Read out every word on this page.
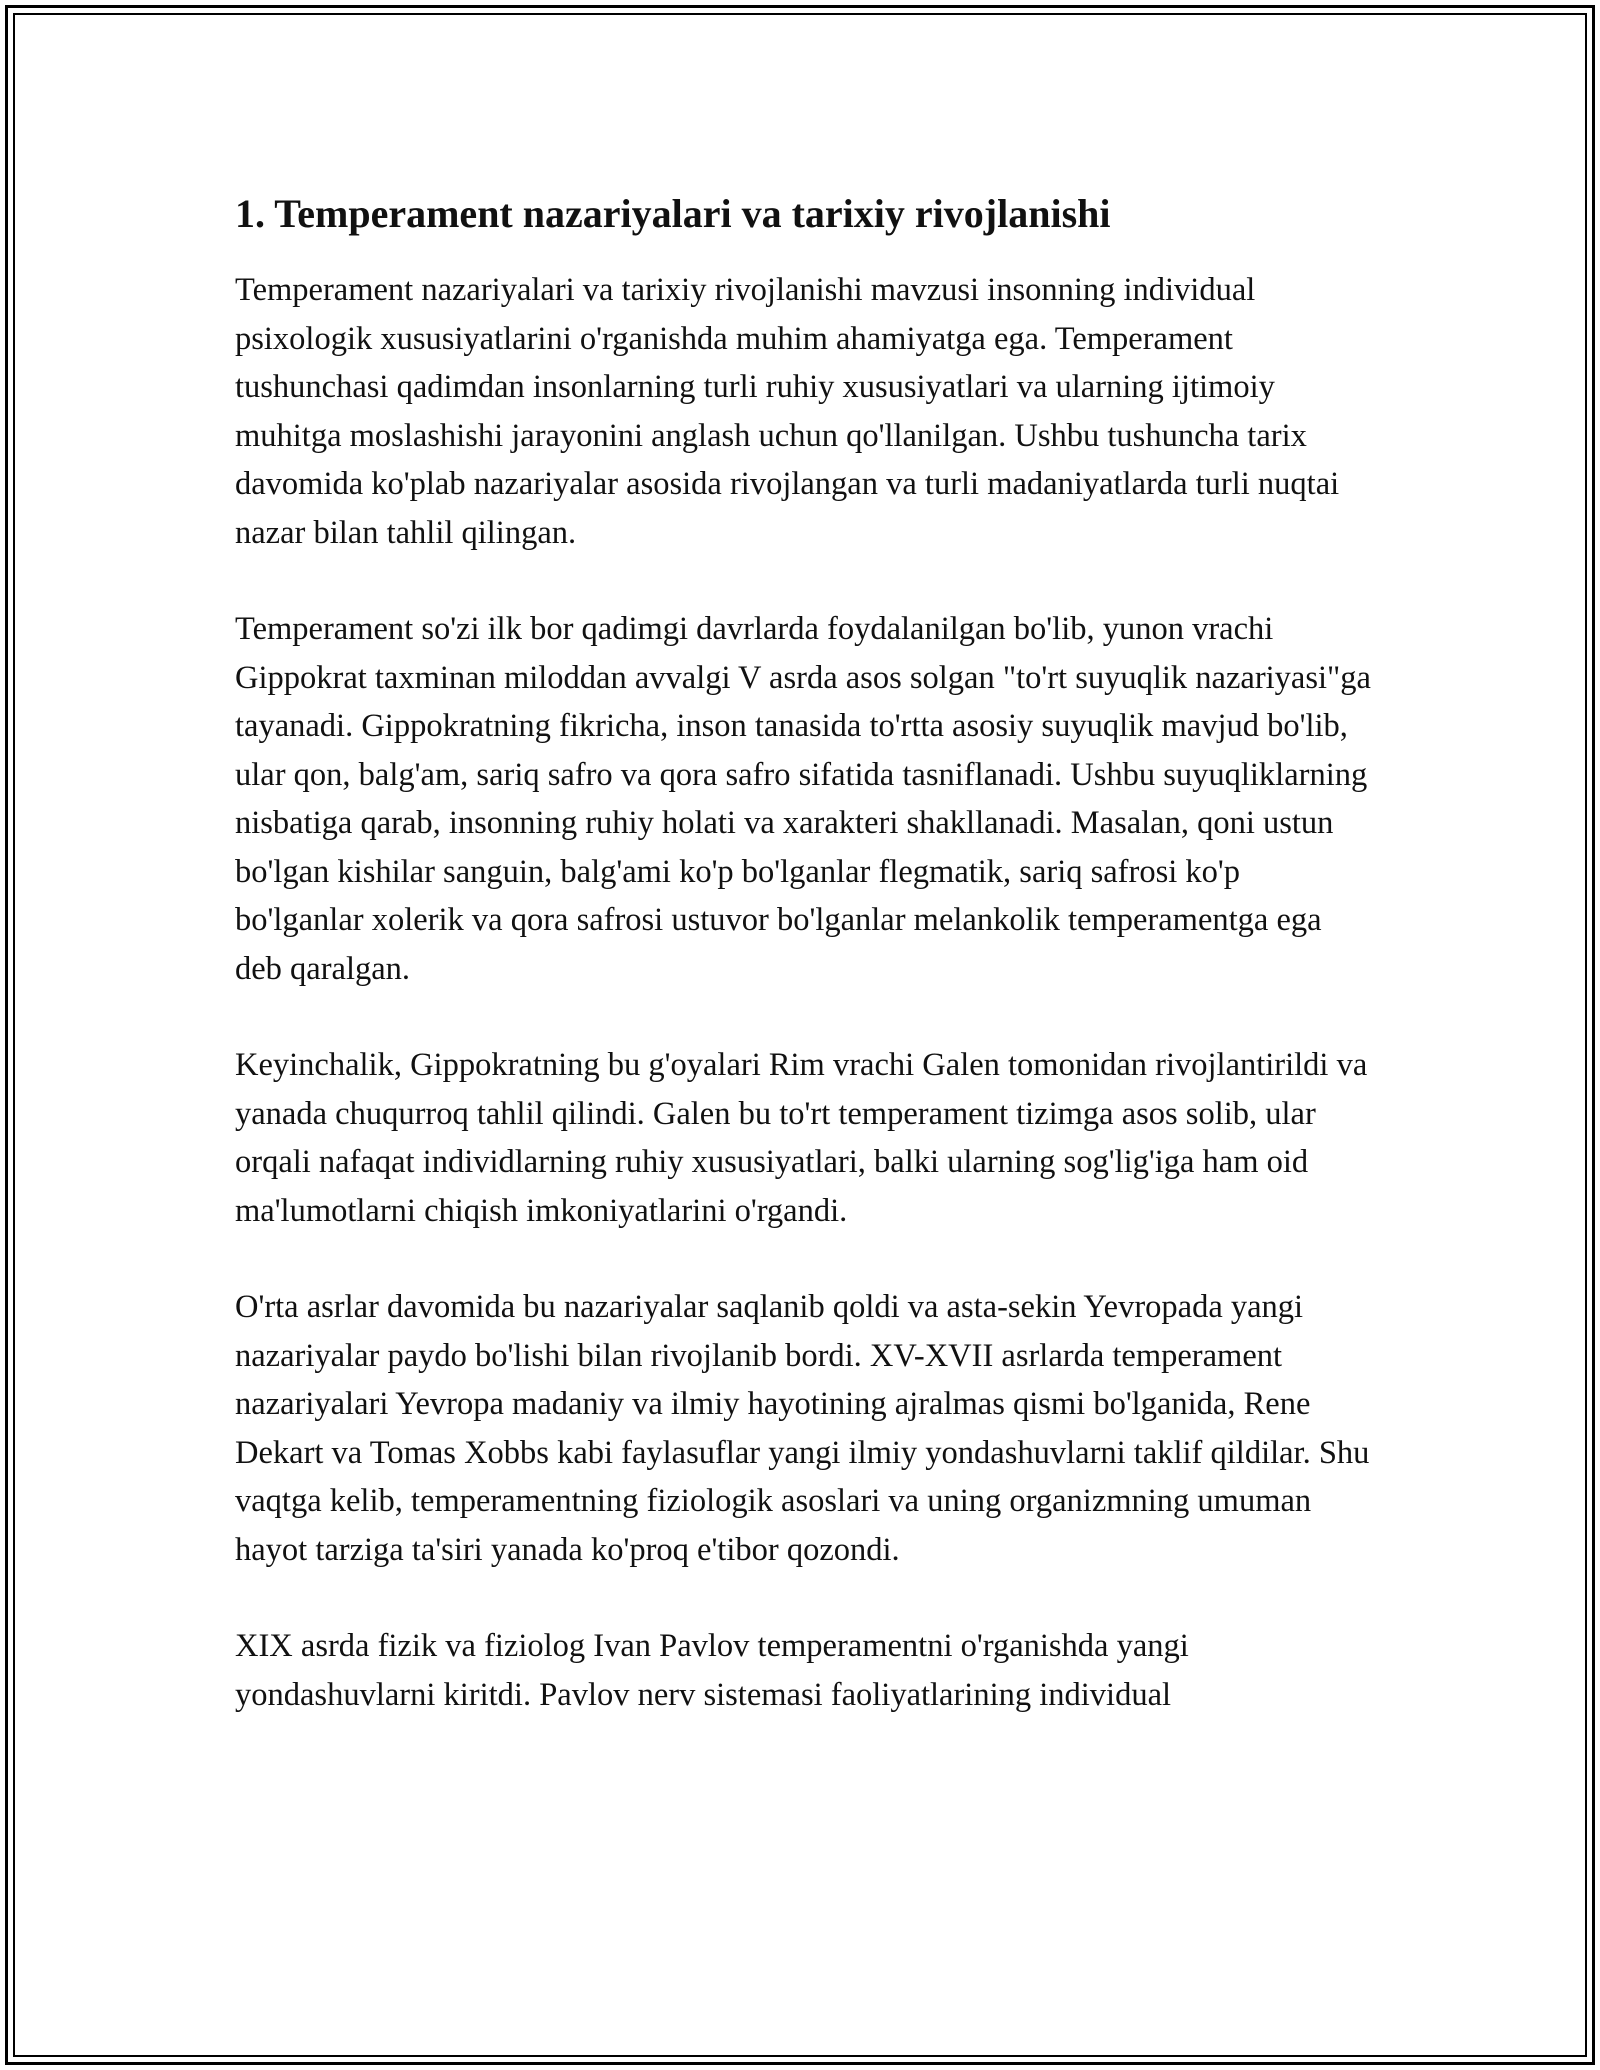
1. Temperament nazariyalari va tarixiy rivojlanishi

Temperament nazariyalari va tarixiy rivojlanishi mavzusi insonning individual psixologik xususiyatlarini o'rganishda muhim ahamiyatga ega. Temperament tushunchasi qadimdan insonlarning turli ruhiy xususiyatlari va ularning ijtimoiy muhitga moslashishi jarayonini anglash uchun qo'llanilgan. Ushbu tushuncha tarix davomida ko'plab nazariyalar asosida rivojlangan va turli madaniyatlarda turli nuqtai nazar bilan tahlil qilingan.

Temperament so'zi ilk bor qadimgi davrlarda foydalanilgan bo'lib, yunon vrachi Gippokrat taxminan miloddan avvalgi V asrda asos solgan "to'rt suyuqlik nazariyasi"ga tayanadi. Gippokratning fikricha, inson tanasida to'rtta asosiy suyuqlik mavjud bo'lib, ular qon, balg'am, sariq safro va qora safro sifatida tasniflanadi. Ushbu suyuqliklarning nisbatiga qarab, insonning ruhiy holati va xarakteri shakllanadi. Masalan, qoni ustun bo'lgan kishilar sanguin, balg'ami ko'p bo'lganlar flegmatik, sariq safrosi ko'p bo'lganlar xolerik va qora safrosi ustuvor bo'lganlar melankolik temperamentga ega deb qaralgan.

Keyinchalik, Gippokratning bu g'oyalari Rim vrachi Galen tomonidan rivojlantirildi va yanada chuqurroq tahlil qilindi. Galen bu to'rt temperament tizimga asos solib, ular orqali nafaqat individlarning ruhiy xususiyatlari, balki ularning sog'lig'iga ham oid ma'lumotlarni chiqish imkoniyatlarini o'rgandi.

O'rta asrlar davomida bu nazariyalar saqlanib qoldi va asta-sekin Yevropada yangi nazariyalar paydo bo'lishi bilan rivojlanib bordi. XV-XVII asrlarda temperament nazariyalari Yevropa madaniy va ilmiy hayotining ajralmas qismi bo'lganida, Rene Dekart va Tomas Xobbs kabi faylasuflar yangi ilmiy yondashuvlarni taklif qildilar. Shu vaqtga kelib, temperamentning fiziologik asoslari va uning organizmning umuman hayot tarziga ta'siri yanada ko'proq e'tibor qozondi.

XIX asrda fizik va fiziolog Ivan Pavlov temperamentni o'rganishda yangi yondashuvlarni kiritdi. Pavlov nerv sistemasi faoliyatlarining individual
